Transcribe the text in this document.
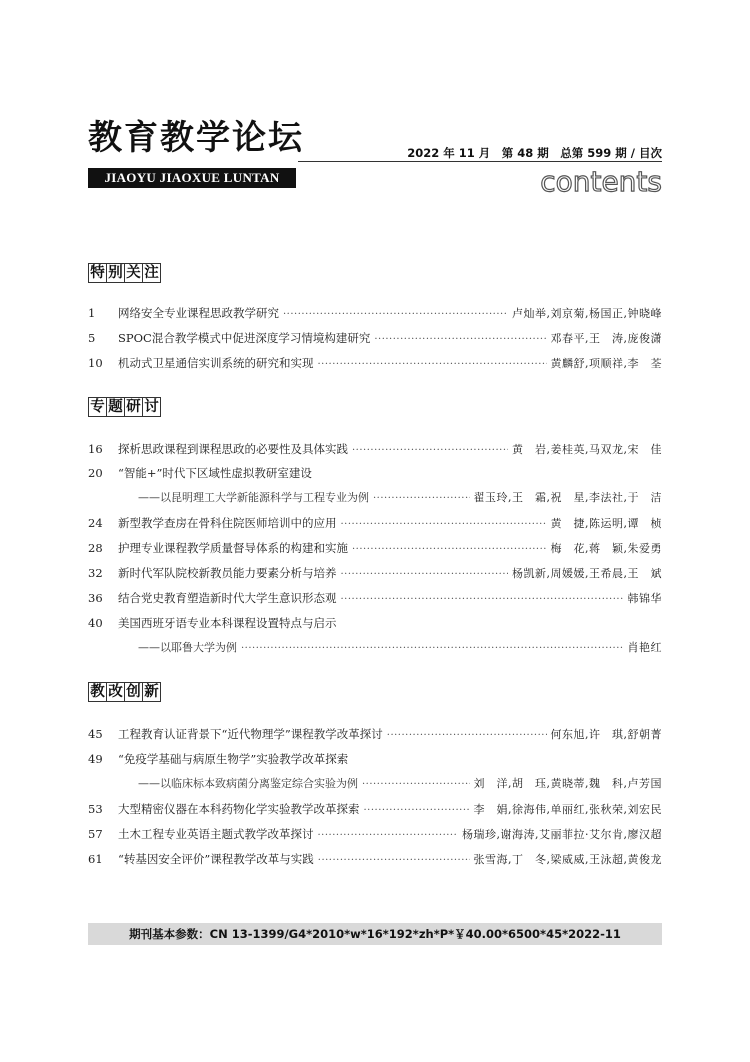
教育教学论坛
JIAOYU JIAOXUE LUNTAN
2022 年 11 月　第 48 期　总第 599 期 / 目次
contents
特 别 关 注
1	网络安全专业课程思政教学研究 ·····	卢灿举,刘京菊,杨国正,钟晓峰
5	SPOC混合教学模式中促进深度学习情境构建研究 ·····	邓春平,王　涛,庞俊潇
10	机动式卫星通信实训系统的研究和实现 ·····	黄麟舒,项顺祥,李　荃
专 题 研 讨
16	探析思政课程到课程思政的必要性及具体实践 ·····	黄　岩,姜桂英,马双龙,宋　佳
20	“智能+”时代下区域性虚拟教研室建设
——以昆明理工大学新能源科学与工程专业为例 ·····	翟玉玲,王　霜,祝　星,李法社,于　洁
24	新型教学查房在骨科住院医师培训中的应用 ·····	黄　捷,陈运明,谭　桢
28	护理专业课程教学质量督导体系的构建和实施 ·····	梅　花,蒋　颖,朱爱勇
32	新时代军队院校新教员能力要素分析与培养 ·····	杨凯新,周媛媛,王希晨,王　斌
36	结合党史教育塑造新时代大学生意识形态观 ·····	韩锦华
40	美国西班牙语专业本科课程设置特点与启示
——以耶鲁大学为例 ·····	肖艳红
教 改 创 新
45	工程教育认证背景下“近代物理学”课程教学改革探讨 ·····	何东旭,许　琪,舒朝菁
49	“免疫学基础与病原生物学”实验教学改革探索
——以临床标本致病菌分离鉴定综合实验为例 ·····	刘　洋,胡　珏,黄晓蒂,魏　科,卢芳国
53	大型精密仪器在本科药物化学实验教学改革探索 ·····	李　娟,徐海伟,单丽红,张秋荣,刘宏民
57	土木工程专业英语主题式教学改革探讨 ·····	杨瑞珍,谢海涛,艾丽菲拉·艾尔肯,廖汉超
61	“转基因安全评价”课程教学改革与实践 ·····	张雪海,丁　冬,梁威威,王泳超,黄俊龙
期刊基本参数：CN 13-1399/G4*2010*w*16*192*zh*P*￥40.00*6500*45*2022-11
